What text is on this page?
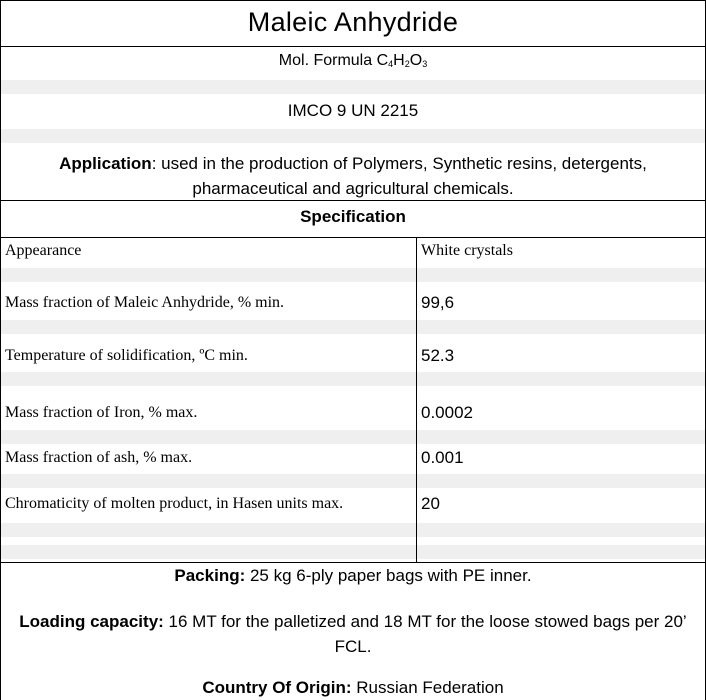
Maleic Anhydride
Mol. Formula $C_4H_2O_3$
IMCO 9 UN 2215
Application: used in the production of Polymers, Synthetic resins, detergents, pharmaceutical and agricultural chemicals.
Specification
Appearance	White crystals
Mass fraction of Maleic Anhydride, % min.	99,6
Temperature of solidification, ºC min.	52.3
Mass fraction of Iron, % max.	0.0002
Mass fraction of ash, % max.	0.001
Chromaticity of molten product, in Hasen units max.	20
Packing: 25 kg 6-ply paper bags with PE inner.
Loading capacity: 16 MT for the palletized and 18 MT for the loose stowed bags per 20’ FCL.
Country Of Origin: Russian Federation
